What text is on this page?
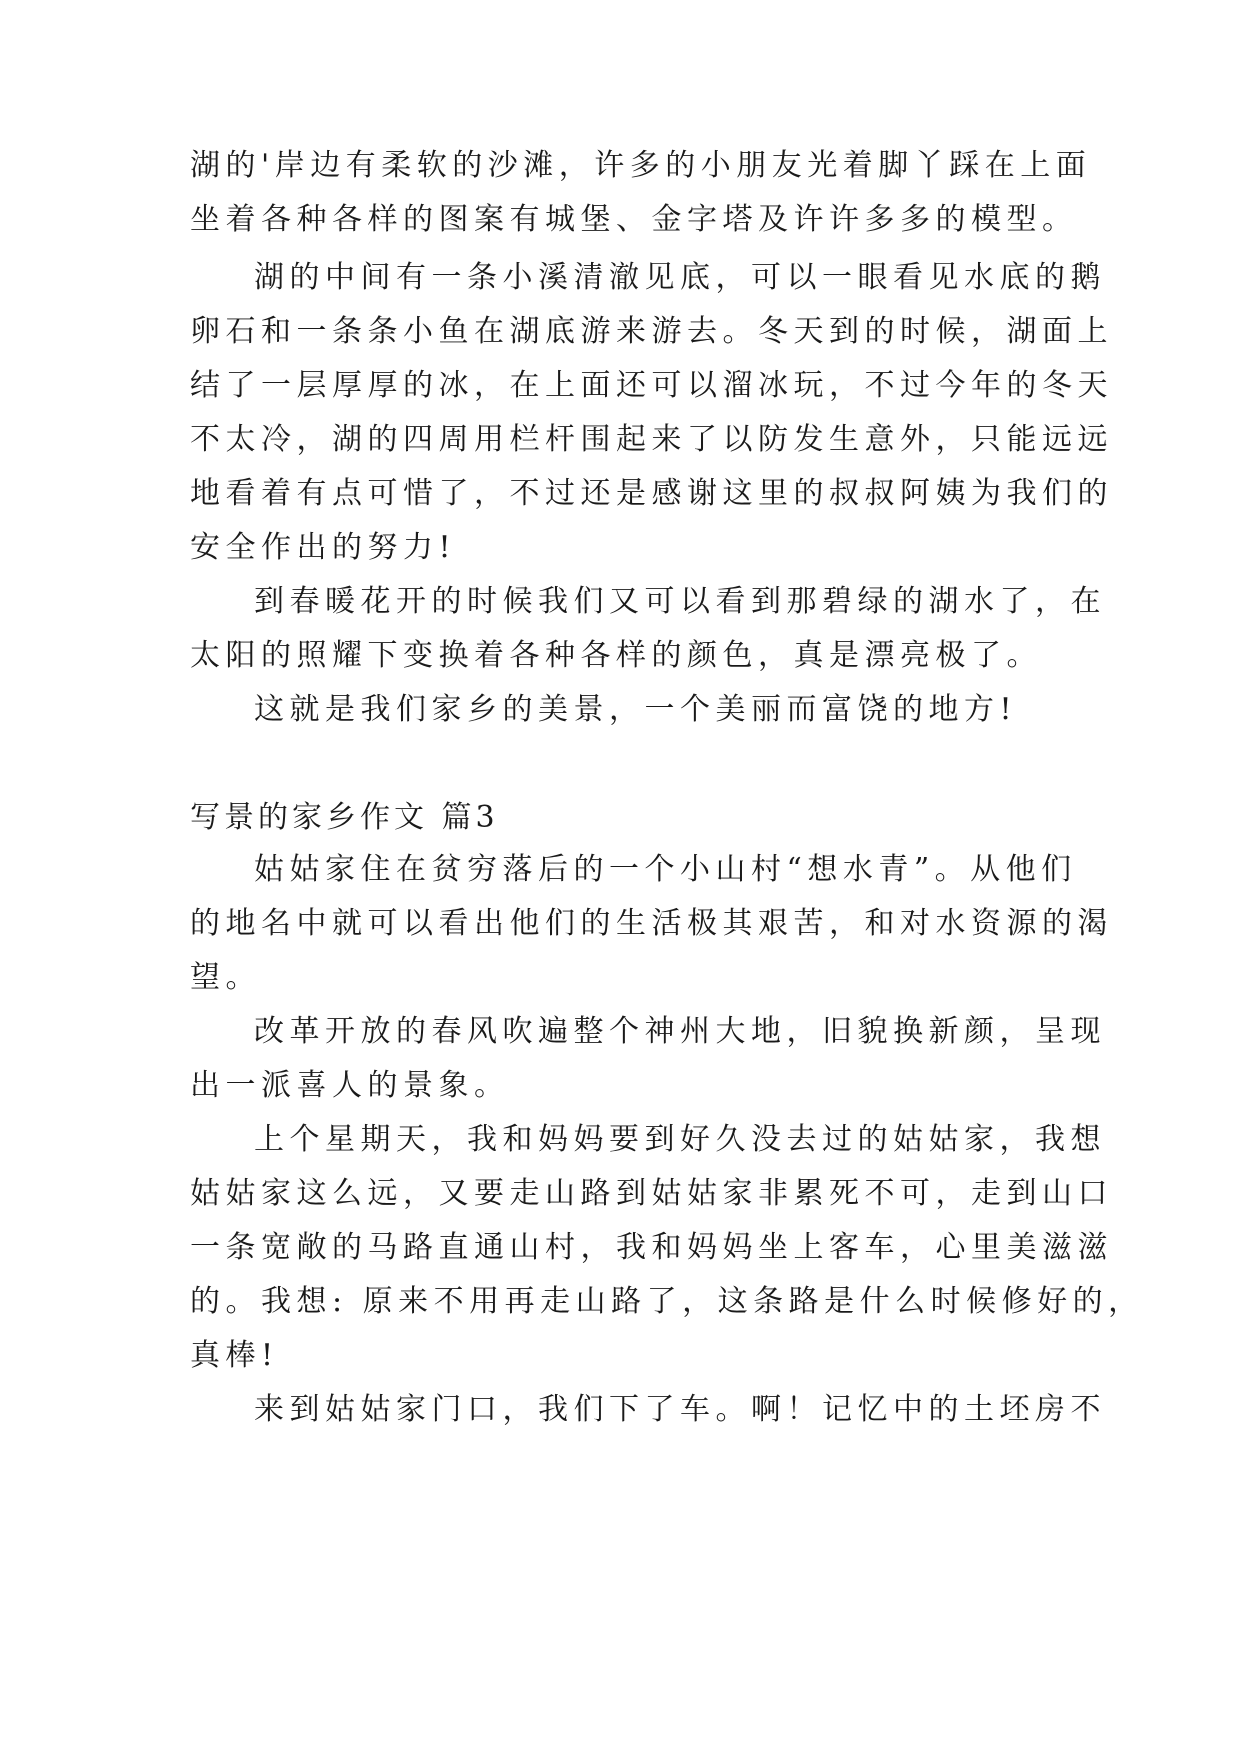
湖的'岸边有柔软的沙滩，许多的小朋友光着脚丫踩在上面
坐着各种各样的图案有城堡、金字塔及许许多多的模型。
湖的中间有一条小溪清澈见底，可以一眼看见水底的鹅
卵石和一条条小鱼在湖底游来游去。冬天到的时候，湖面上
结了一层厚厚的冰，在上面还可以溜冰玩，不过今年的冬天
不太冷，湖的四周用栏杆围起来了以防发生意外，只能远远
地看着有点可惜了，不过还是感谢这里的叔叔阿姨为我们的
安全作出的努力!
到春暖花开的时候我们又可以看到那碧绿的湖水了，在
太阳的照耀下变换着各种各样的颜色，真是漂亮极了。
这就是我们家乡的美景，一个美丽而富饶的地方!
写景的家乡作文 篇3
姑姑家住在贫穷落后的一个小山村“想水青”。从他们
的地名中就可以看出他们的生活极其艰苦，和对水资源的渴
望。
改革开放的春风吹遍整个神州大地，旧貌换新颜，呈现
出一派喜人的景象。
上个星期天，我和妈妈要到好久没去过的姑姑家，我想
姑姑家这么远，又要走山路到姑姑家非累死不可，走到山口
一条宽敞的马路直通山村，我和妈妈坐上客车，心里美滋滋
的。我想: 原来不用再走山路了，这条路是什么时候修好的，
真棒!
来到姑姑家门口，我们下了车。啊！记忆中的土坯房不
